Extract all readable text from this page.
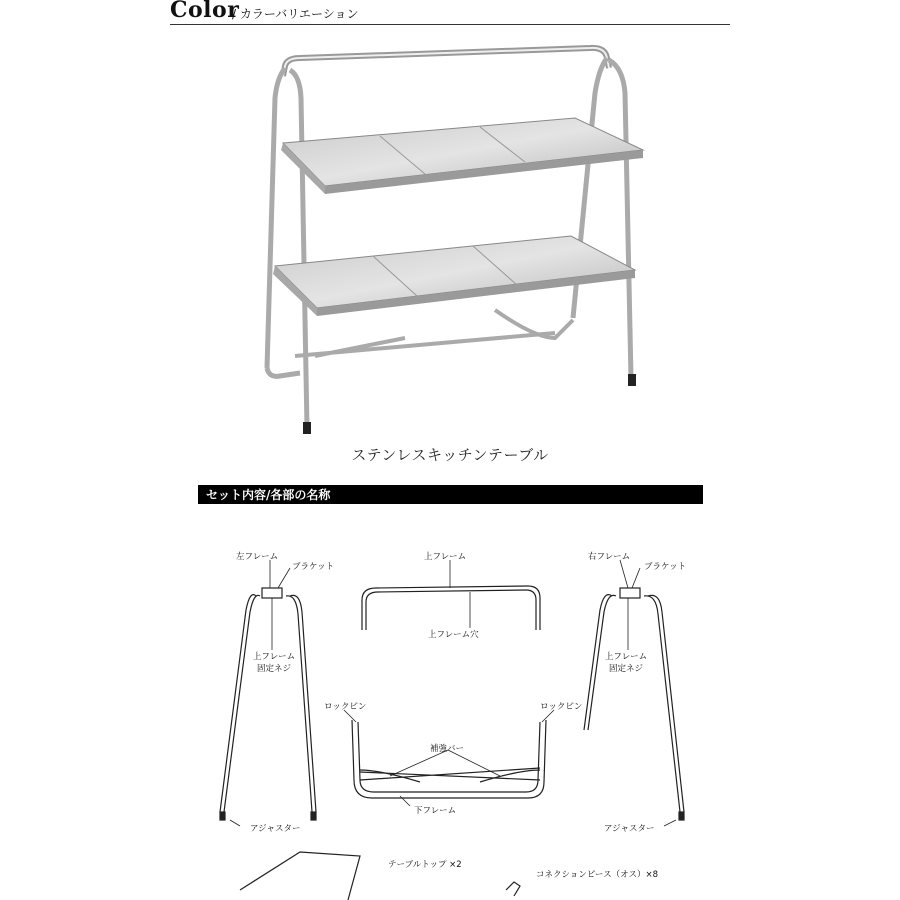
Color
/ カラーバリエーション
ステンレスキッチンテーブル
セット内容/各部の名称
左フレーム
ブラケット
上フレーム
固定ネジ
アジャスター
上フレーム
上フレーム穴
ロックピン	ロックピン
補強バー
下フレーム
右フレーム
ブラケット
上フレーム
固定ネジ
アジャスター
テーブルトップ ×2
コネクションピース（オス）×8
